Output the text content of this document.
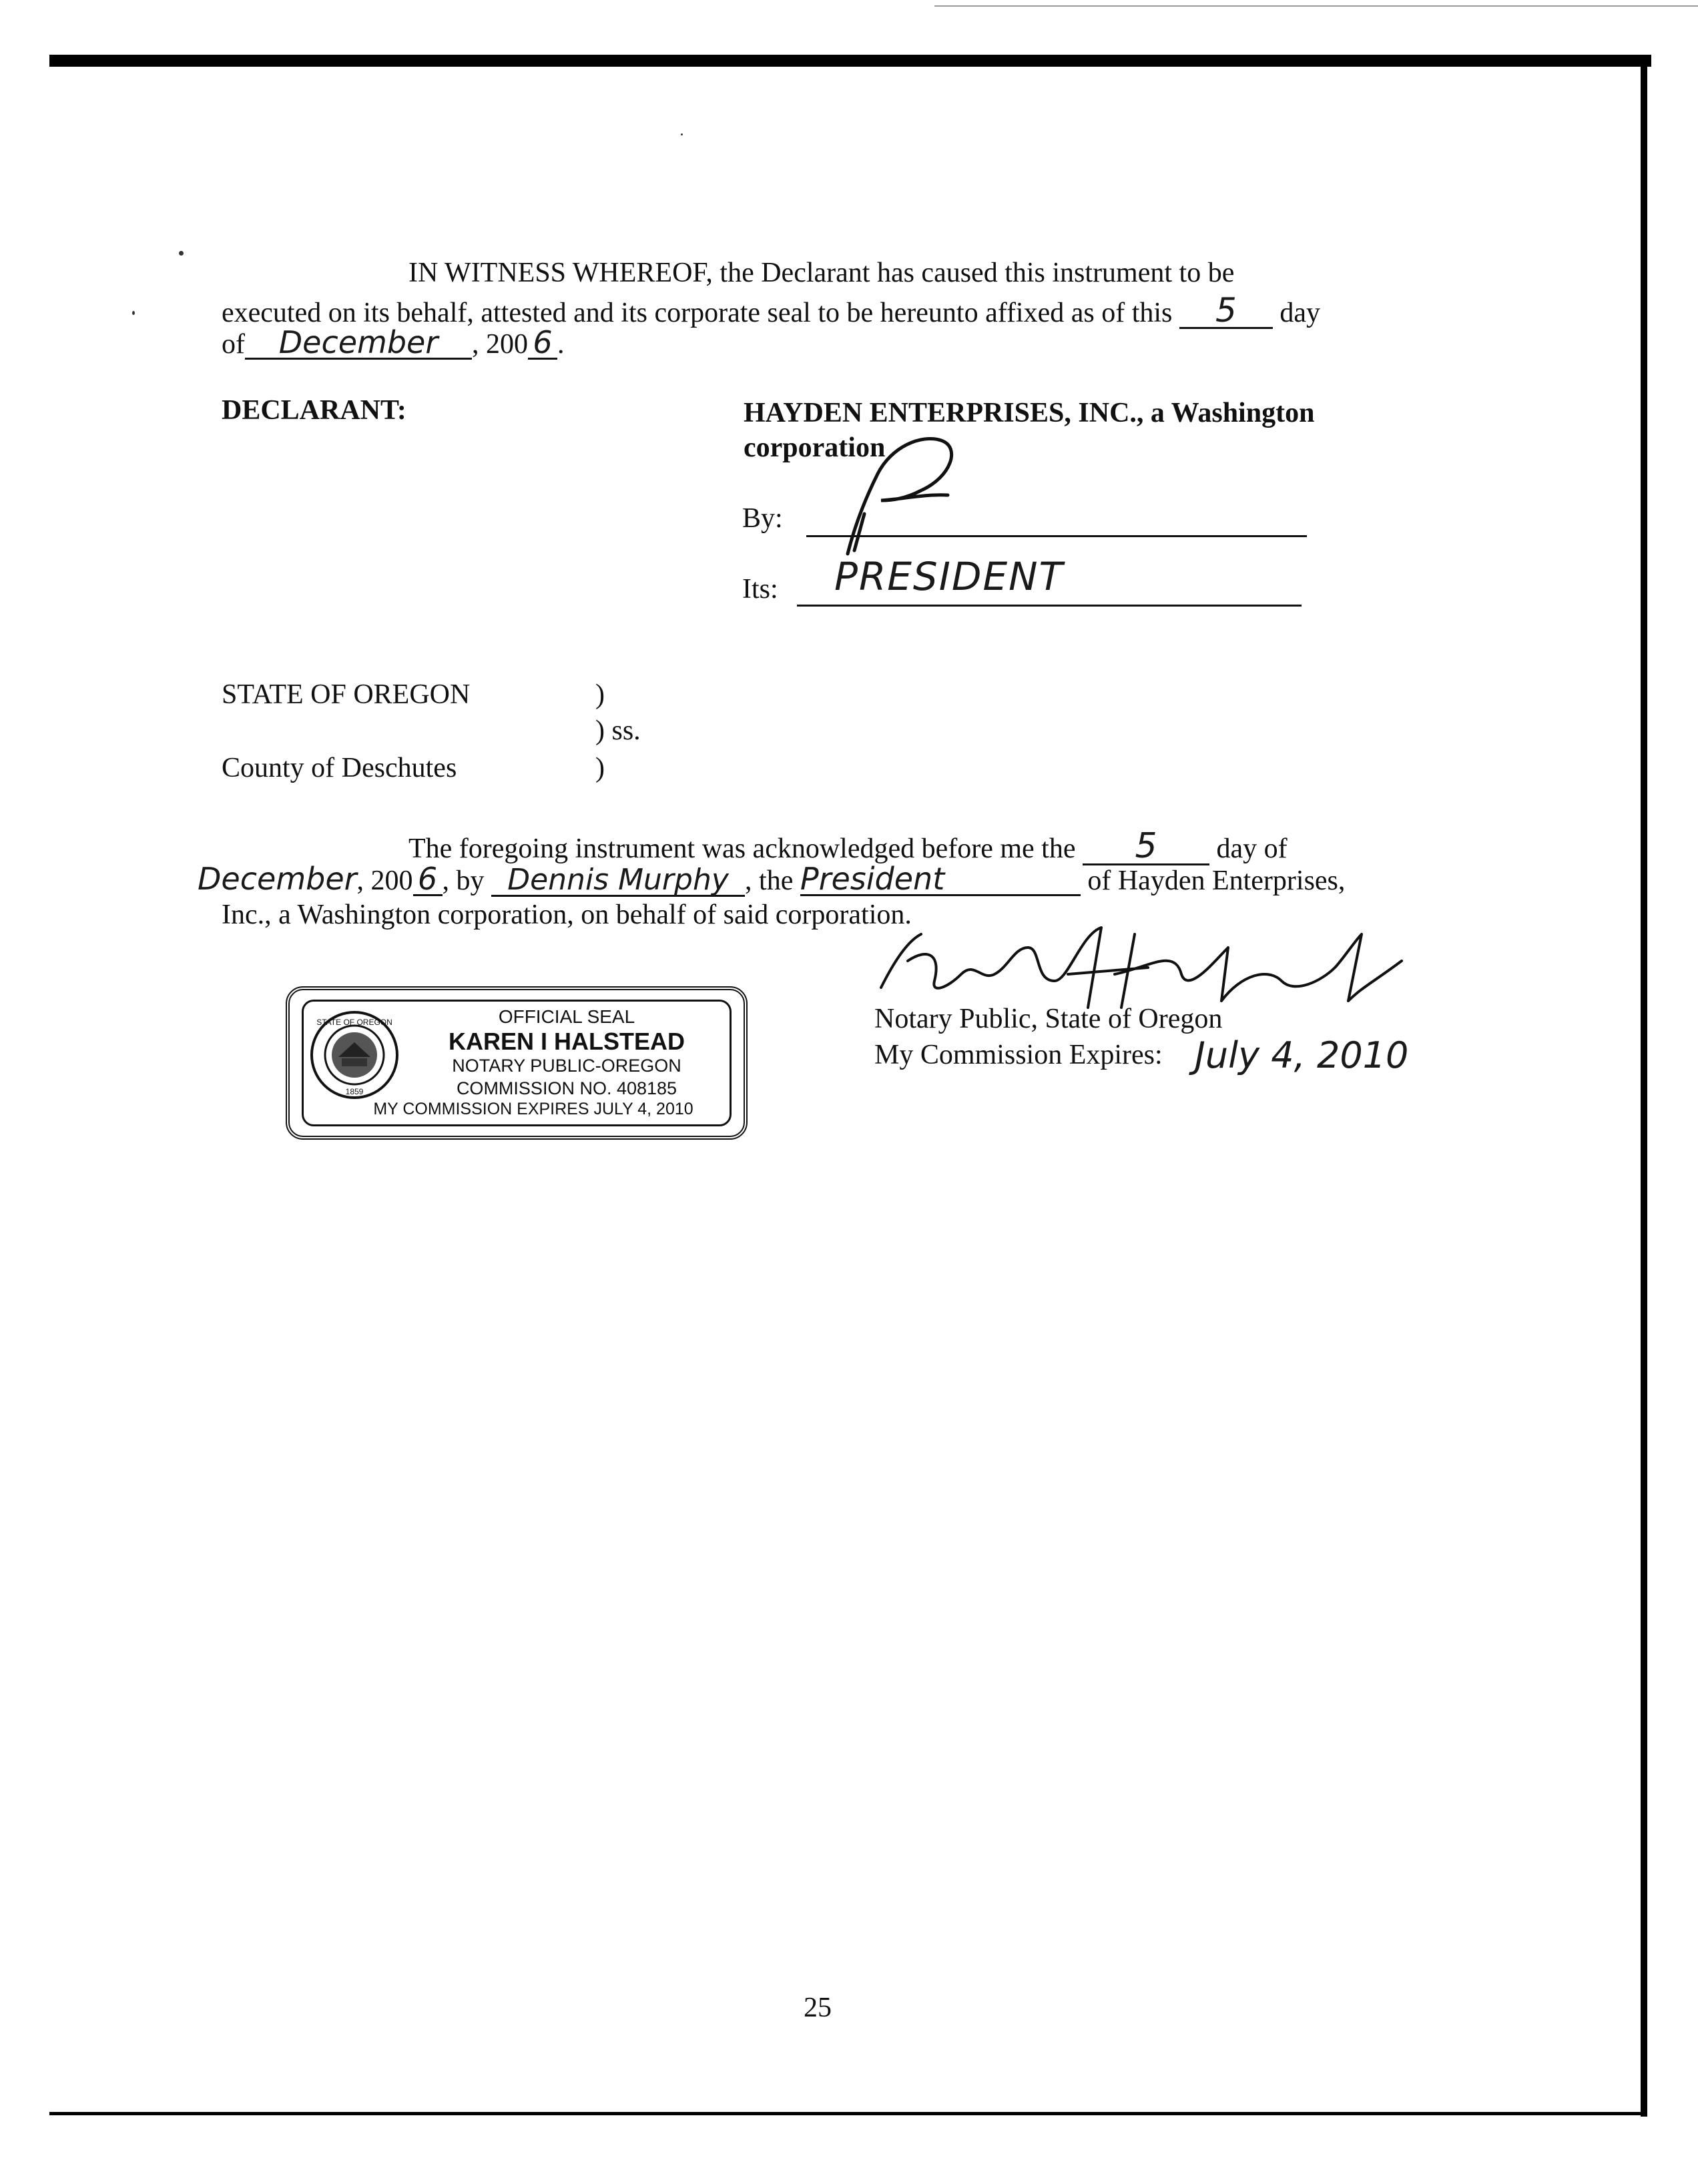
IN WITNESS WHEREOF, the Declarant has caused this instrument to be
executed on its behalf, attested and its corporate seal to be hereunto affixed as of this 5 day
of December , 200 6 .
DECLARANT:	HAYDEN ENTERPRISES, INC., a Washington
corporation
By:
Its: PRESIDENT
STATE OF OREGON	)
) ss.
County of Deschutes	)
The foregoing instrument was acknowledged before me the 5 day of
December, 200 6 , by Dennis Murphy , the President	of Hayden Enterprises,
Inc., a Washington corporation, on behalf of said corporation.
STATE OF OREGON
1859
OFFICIAL SEAL
KAREN I HALSTEAD
NOTARY PUBLIC-OREGON
COMMISSION NO. 408185
MY COMMISSION EXPIRES JULY 4, 2010
Notary Public, State of Oregon
My Commission Expires: July 4, 2010
25
